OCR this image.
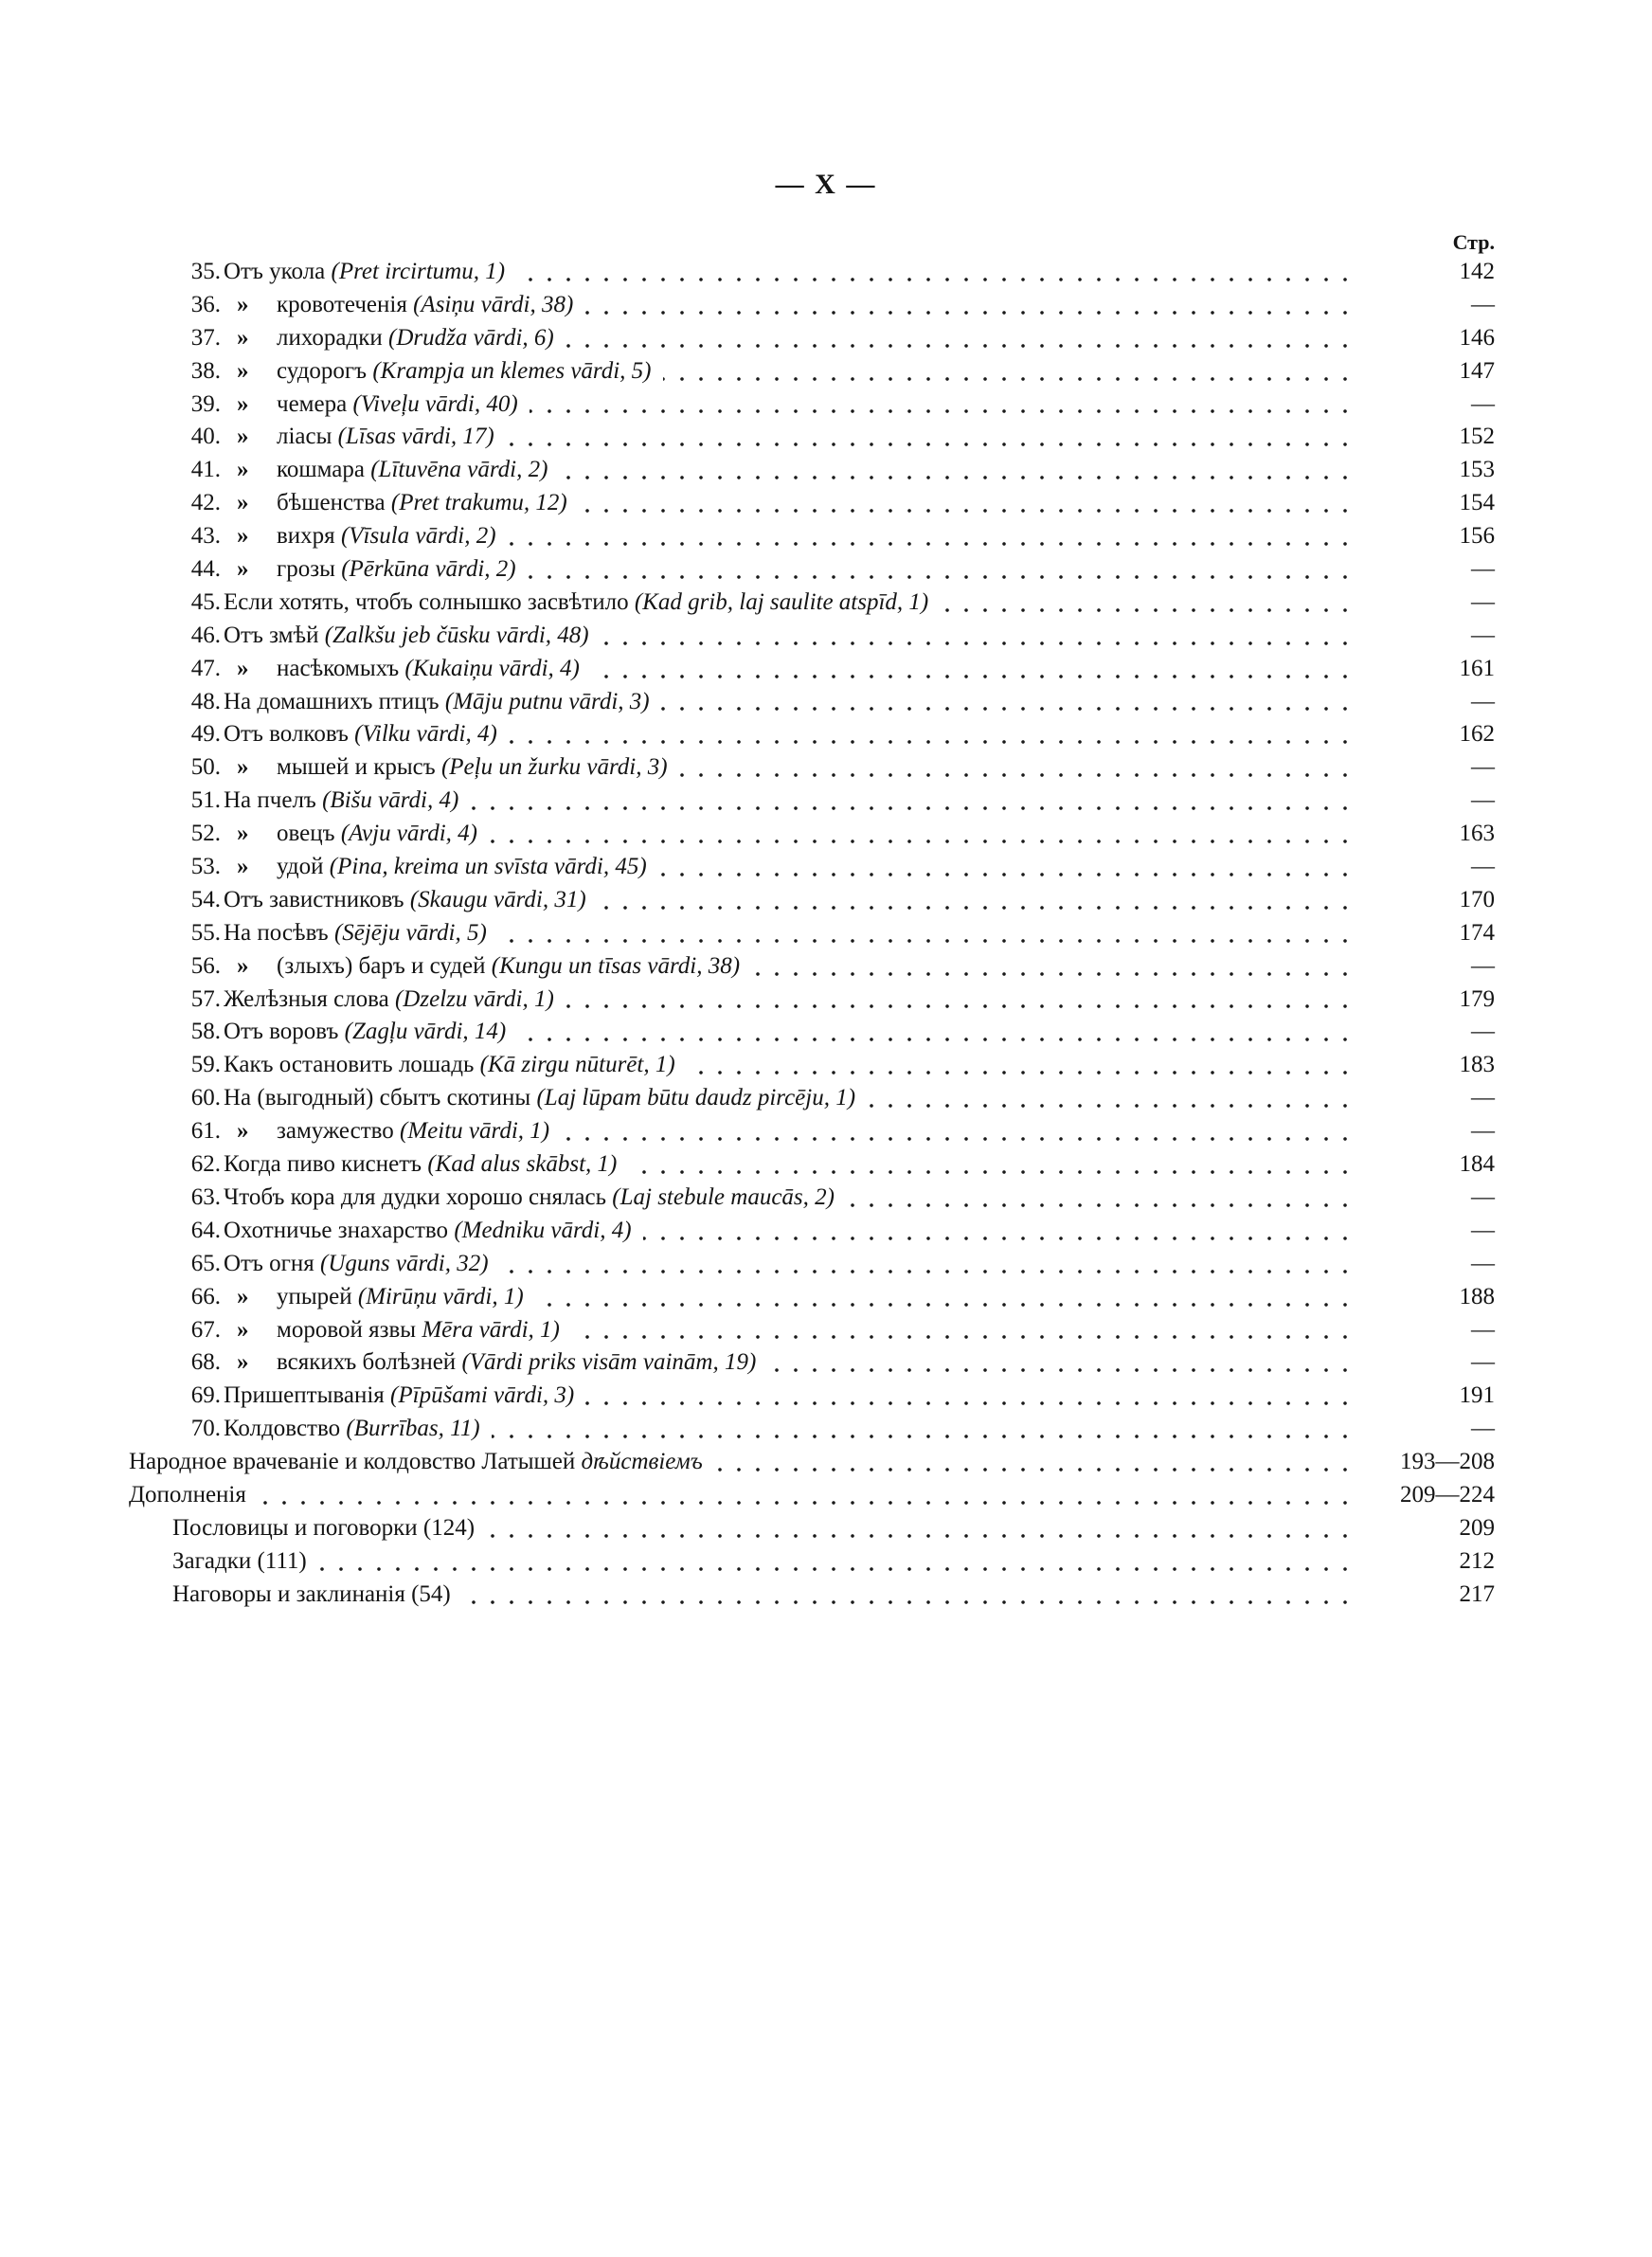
— X —
Стр.
35. Отъ укола (Pret ircirtumu, 1)	142
36. » кровотеченія (Asiņu vārdi, 38)	—
37. » лихорадки (Drudža vārdi, 6)	146
38. » судорогъ (Krampja un klemes vārdi, 5)	147
39. » чемера (Viveļu vārdi, 40)	—
40. » ліасы (Līsas vārdi, 17)	152
41. » кошмара (Lītuvēna vārdi, 2)	153
42. » бѣшенства (Pret trakumu, 12)	154
43. » вихря (Vīsula vārdi, 2)	156
44. » грозы (Pērkūna vārdi, 2)	—
45. Если хотять, чтобъ солнышко засвѣтило (Kad grib, laj saulite atspīd, 1)	—
46. Отъ змѣй (Zalkšu jeb čūsku vārdi, 48)	—
47. » насѣкомыхъ (Kukaiņu vārdi, 4)	161
48. На домашнихъ птицъ (Māju putnu vārdi, 3)	—
49. Отъ волковъ (Vilku vārdi, 4)	162
50. » мышей и крысъ (Peļu un žurku vārdi, 3)	—
51. На пчелъ (Bišu vārdi, 4)	—
52. » овецъ (Avju vārdi, 4)	163
53. » удой (Pina, kreima un svīsta vārdi, 45)	—
54. Отъ завистниковъ (Skaugu vārdi, 31)	170
55. На посѣвъ (Sējēju vārdi, 5)	174
56. » (злыхъ) баръ и судей (Kungu un tīsas vārdi, 38)	—
57. Желѣзныя слова (Dzelzu vārdi, 1)	179
58. Отъ воровъ (Zagļu vārdi, 14)	—
59. Какъ остановить лошадь (Kā zirgu nūturēt, 1)	183
60. На (выгодный) сбытъ скотины (Laj lūpam būtu daudz pircēju, 1)	—
61. » замужество (Meitu vārdi, 1)	—
62. Когда пиво киснетъ (Kad alus skābst, 1)	184
63. Чтобъ кора для дудки хорошо снялась (Laj stebule maucās, 2)	—
64. Охотничье знахарство (Medniku vārdi, 4)	—
65. Отъ огня (Uguns vārdi, 32)	—
66. » упырей (Mirūņu vārdi, 1)	188
67. » моровой язвы Mēra vārdi, 1)	—
68. » всякихъ болѣзней (Vārdi priks visām vainām, 19)	—
69. Пришептыванія (Pīpūšami vārdi, 3)	191
70. Колдовство (Burrības, 11)	—
Народное врачеванiе и колдовство Латышей дѣйствiемъ	193—208
Дополненія	209—224
Пословицы и поговорки (124)	209
Загадки (111)	212
Наговоры и заклинанія (54)	217
